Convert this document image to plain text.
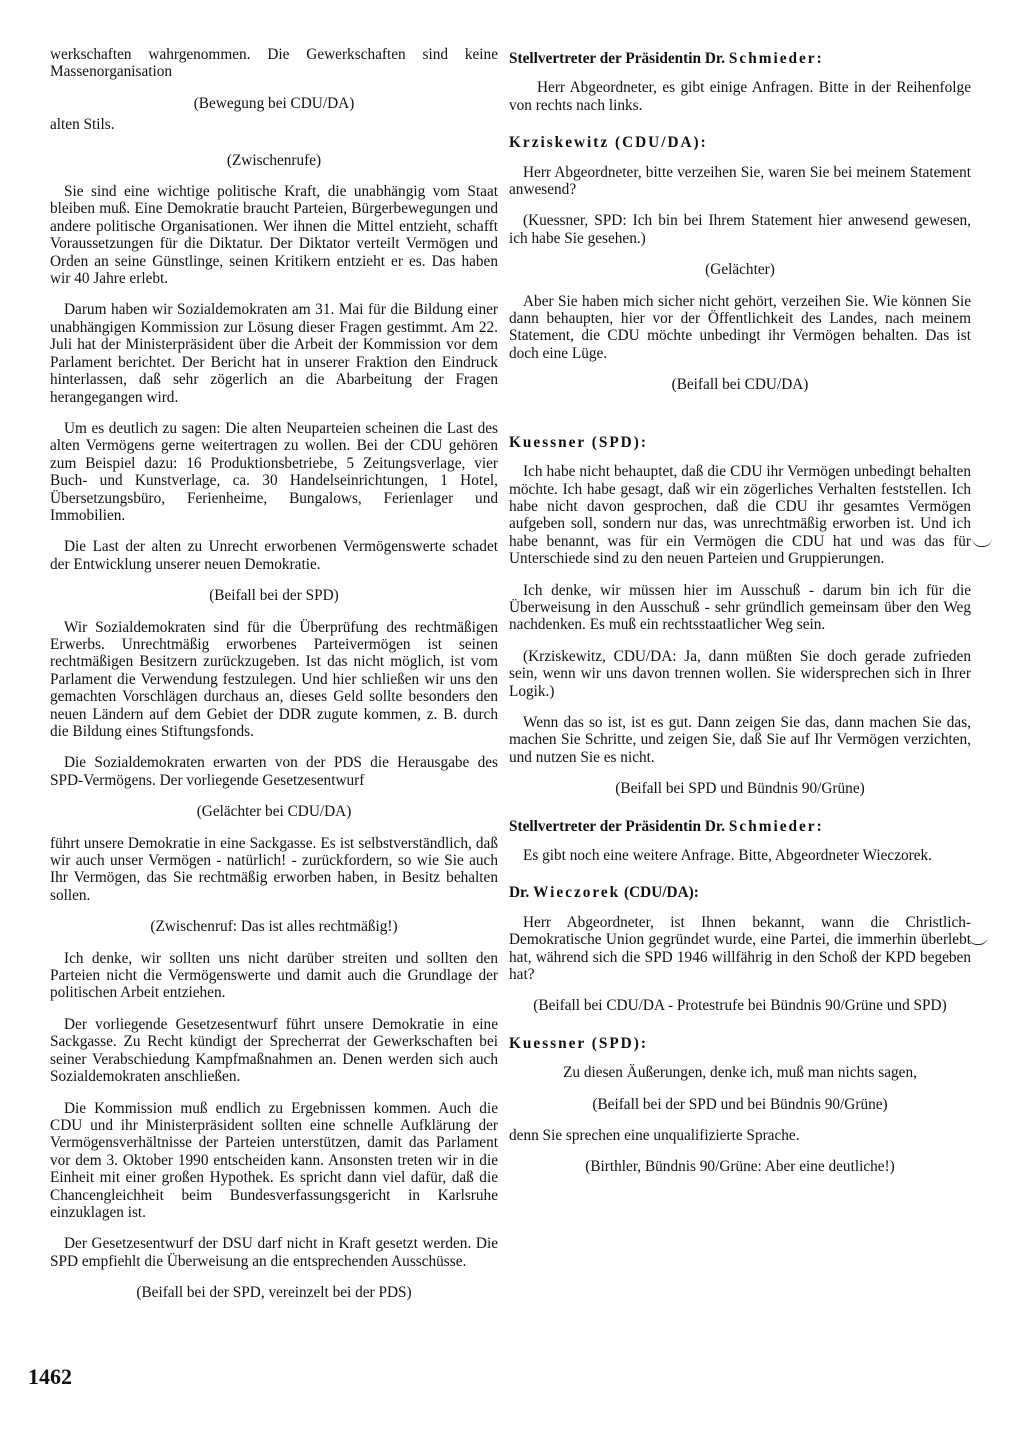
werkschaften wahrgenommen. Die Gewerkschaften sind keine Massenorganisation

(Bewegung bei CDU/DA)

alten Stils.

(Zwischenrufe)

Sie sind eine wichtige politische Kraft, die unabhängig vom Staat bleiben muß. Eine Demokratie braucht Parteien, Bürgerbewegungen und andere politische Organisationen. Wer ihnen die Mittel entzieht, schafft Voraussetzungen für die Diktatur. Der Diktator verteilt Vermögen und Orden an seine Günstlinge, seinen Kritikern entzieht er es. Das haben wir 40 Jahre erlebt.

Darum haben wir Sozialdemokraten am 31. Mai für die Bildung einer unabhängigen Kommission zur Lösung dieser Fragen gestimmt. Am 22. Juli hat der Ministerpräsident über die Arbeit der Kommission vor dem Parlament berichtet. Der Bericht hat in unserer Fraktion den Eindruck hinterlassen, daß sehr zögerlich an die Abarbeitung der Fragen herangegangen wird.

Um es deutlich zu sagen: Die alten Neuparteien scheinen die Last des alten Vermögens gerne weitertragen zu wollen. Bei der CDU gehören zum Beispiel dazu: 16 Produktionsbetriebe, 5 Zeitungsverlage, vier Buch- und Kunstverlage, ca. 30 Handelseinrichtungen, 1 Hotel, Übersetzungsbüro, Ferienheime, Bungalows, Ferienlager und Immobilien.

Die Last der alten zu Unrecht erworbenen Vermögenswerte schadet der Entwicklung unserer neuen Demokratie.

(Beifall bei der SPD)

Wir Sozialdemokraten sind für die Überprüfung des rechtmäßigen Erwerbs. Unrechtmäßig erworbenes Parteivermögen ist seinen rechtmäßigen Besitzern zurückzugeben. Ist das nicht möglich, ist vom Parlament die Verwendung festzulegen. Und hier schließen wir uns den gemachten Vorschlägen durchaus an, dieses Geld sollte besonders den neuen Ländern auf dem Gebiet der DDR zugute kommen, z. B. durch die Bildung eines Stiftungsfonds.

Die Sozialdemokraten erwarten von der PDS die Herausgabe des SPD-Vermögens. Der vorliegende Gesetzesentwurf

(Gelächter bei CDU/DA)

führt unsere Demokratie in eine Sackgasse. Es ist selbstverständlich, daß wir auch unser Vermögen - natürlich! - zurückfordern, so wie Sie auch Ihr Vermögen, das Sie rechtmäßig erworben haben, in Besitz behalten sollen.

(Zwischenruf: Das ist alles rechtmäßig!)

Ich denke, wir sollten uns nicht darüber streiten und sollten den Parteien nicht die Vermögenswerte und damit auch die Grundlage der politischen Arbeit entziehen.

Der vorliegende Gesetzesentwurf führt unsere Demokratie in eine Sackgasse. Zu Recht kündigt der Sprecherrat der Gewerkschaften bei seiner Verabschiedung Kampfmaßnahmen an. Denen werden sich auch Sozialdemokraten anschließen.

Die Kommission muß endlich zu Ergebnissen kommen. Auch die CDU und ihr Ministerpräsident sollten eine schnelle Aufklärung der Vermögensverhältnisse der Parteien unterstützen, damit das Parlament vor dem 3. Oktober 1990 entscheiden kann. Ansonsten treten wir in die Einheit mit einer großen Hypothek. Es spricht dann viel dafür, daß die Chancengleichheit beim Bundesverfassungsgericht in Karlsruhe einzuklagen ist.

Der Gesetzesentwurf der DSU darf nicht in Kraft gesetzt werden. Die SPD empfiehlt die Überweisung an die entsprechenden Ausschüsse.

(Beifall bei der SPD, vereinzelt bei der PDS)
Stellvertreter der Präsidentin Dr. Schmieder:

Herr Abgeordneter, es gibt einige Anfragen. Bitte in der Reihenfolge von rechts nach links.

Krziskewitz (CDU/DA):

Herr Abgeordneter, bitte verzeihen Sie, waren Sie bei meinem Statement anwesend?

(Kuessner, SPD: Ich bin bei Ihrem Statement hier anwesend gewesen, ich habe Sie gesehen.)

(Gelächter)

Aber Sie haben mich sicher nicht gehört, verzeihen Sie. Wie können Sie dann behaupten, hier vor der Öffentlichkeit des Landes, nach meinem Statement, die CDU möchte unbedingt ihr Vermögen behalten. Das ist doch eine Lüge.

(Beifall bei CDU/DA)
Kuessner (SPD):

Ich habe nicht behauptet, daß die CDU ihr Vermögen unbedingt behalten möchte. Ich habe gesagt, daß wir ein zögerliches Verhalten feststellen. Ich habe nicht davon gesprochen, daß die CDU ihr gesamtes Vermögen aufgeben soll, sondern nur das, was unrechtmäßig erworben ist. Und ich habe benannt, was für ein Vermögen die CDU hat und was das für Unterschiede sind zu den neuen Parteien und Gruppierungen.

Ich denke, wir müssen hier im Ausschuß - darum bin ich für die Überweisung in den Ausschuß - sehr gründlich gemeinsam über den Weg nachdenken. Es muß ein rechtsstaatlicher Weg sein.

(Krziskewitz, CDU/DA: Ja, dann müßten Sie doch gerade zufrieden sein, wenn wir uns davon trennen wollen. Sie widersprechen sich in Ihrer Logik.)

Wenn das so ist, ist es gut. Dann zeigen Sie das, dann machen Sie das, machen Sie Schritte, und zeigen Sie, daß Sie auf Ihr Vermögen verzichten, und nutzen Sie es nicht.

(Beifall bei SPD und Bündnis 90/Grüne)
Stellvertreter der Präsidentin Dr. Schmieder:

Es gibt noch eine weitere Anfrage. Bitte, Abgeordneter Wieczorek.

Dr. Wieczorek (CDU/DA):

Herr Abgeordneter, ist Ihnen bekannt, wann die Christlich-Demokratische Union gegründet wurde, eine Partei, die immerhin überlebt hat, während sich die SPD 1946 willfährig in den Schoß der KPD begeben hat?

(Beifall bei CDU/DA - Protestrufe bei Bündnis 90/Grüne und SPD)

Kuessner (SPD):
Zu diesen Äußerungen, denke ich, muß man nichts sagen,
(Beifall bei der SPD und bei Bündnis 90/Grüne)

denn Sie sprechen eine unqualifizierte Sprache.

(Birthler, Bündnis 90/Grüne: Aber eine deutliche!)
1462
